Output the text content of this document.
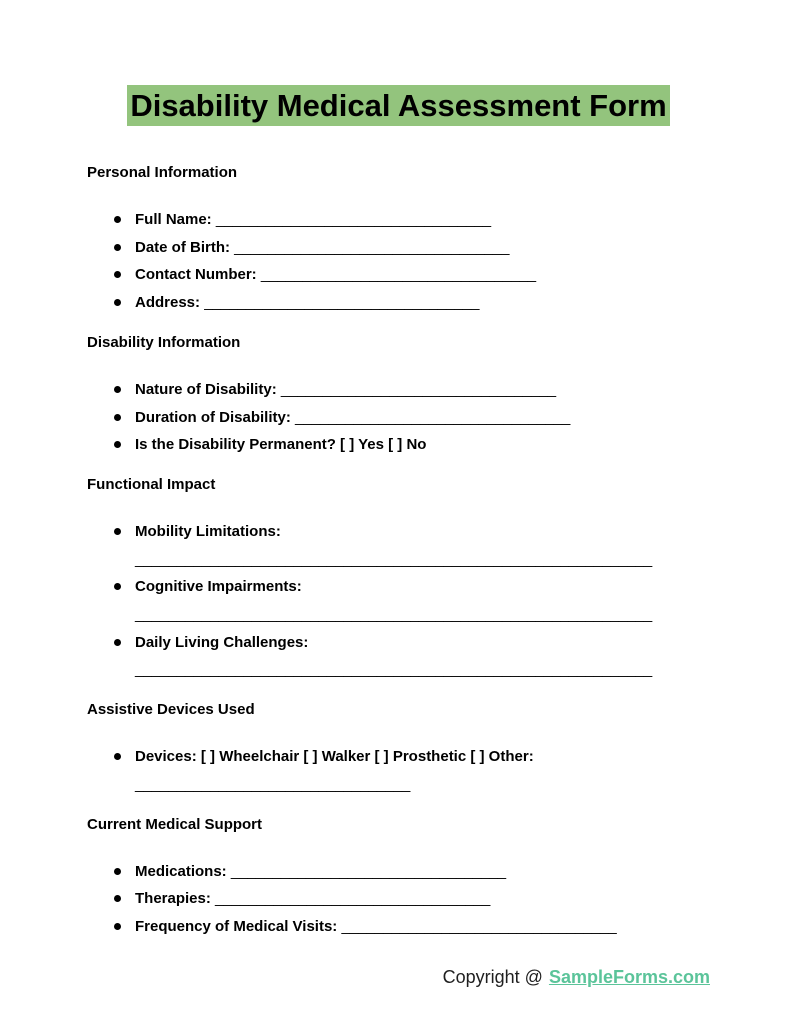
Disability Medical Assessment Form
Personal Information
Full Name: _________________________________
Date of Birth: _________________________________
Contact Number: _________________________________
Address: _________________________________
Disability Information
Nature of Disability: _________________________________
Duration of Disability: _________________________________
Is the Disability Permanent? [ ] Yes [ ] No
Functional Impact
Mobility Limitations:
______________________________________________________________
Cognitive Impairments:
______________________________________________________________
Daily Living Challenges:
______________________________________________________________
Assistive Devices Used
Devices: [ ] Wheelchair [ ] Walker [ ] Prosthetic [ ] Other:
_________________________________
Current Medical Support
Medications: _________________________________
Therapies: _________________________________
Frequency of Medical Visits: _________________________________
Copyright @ SampleForms.com
